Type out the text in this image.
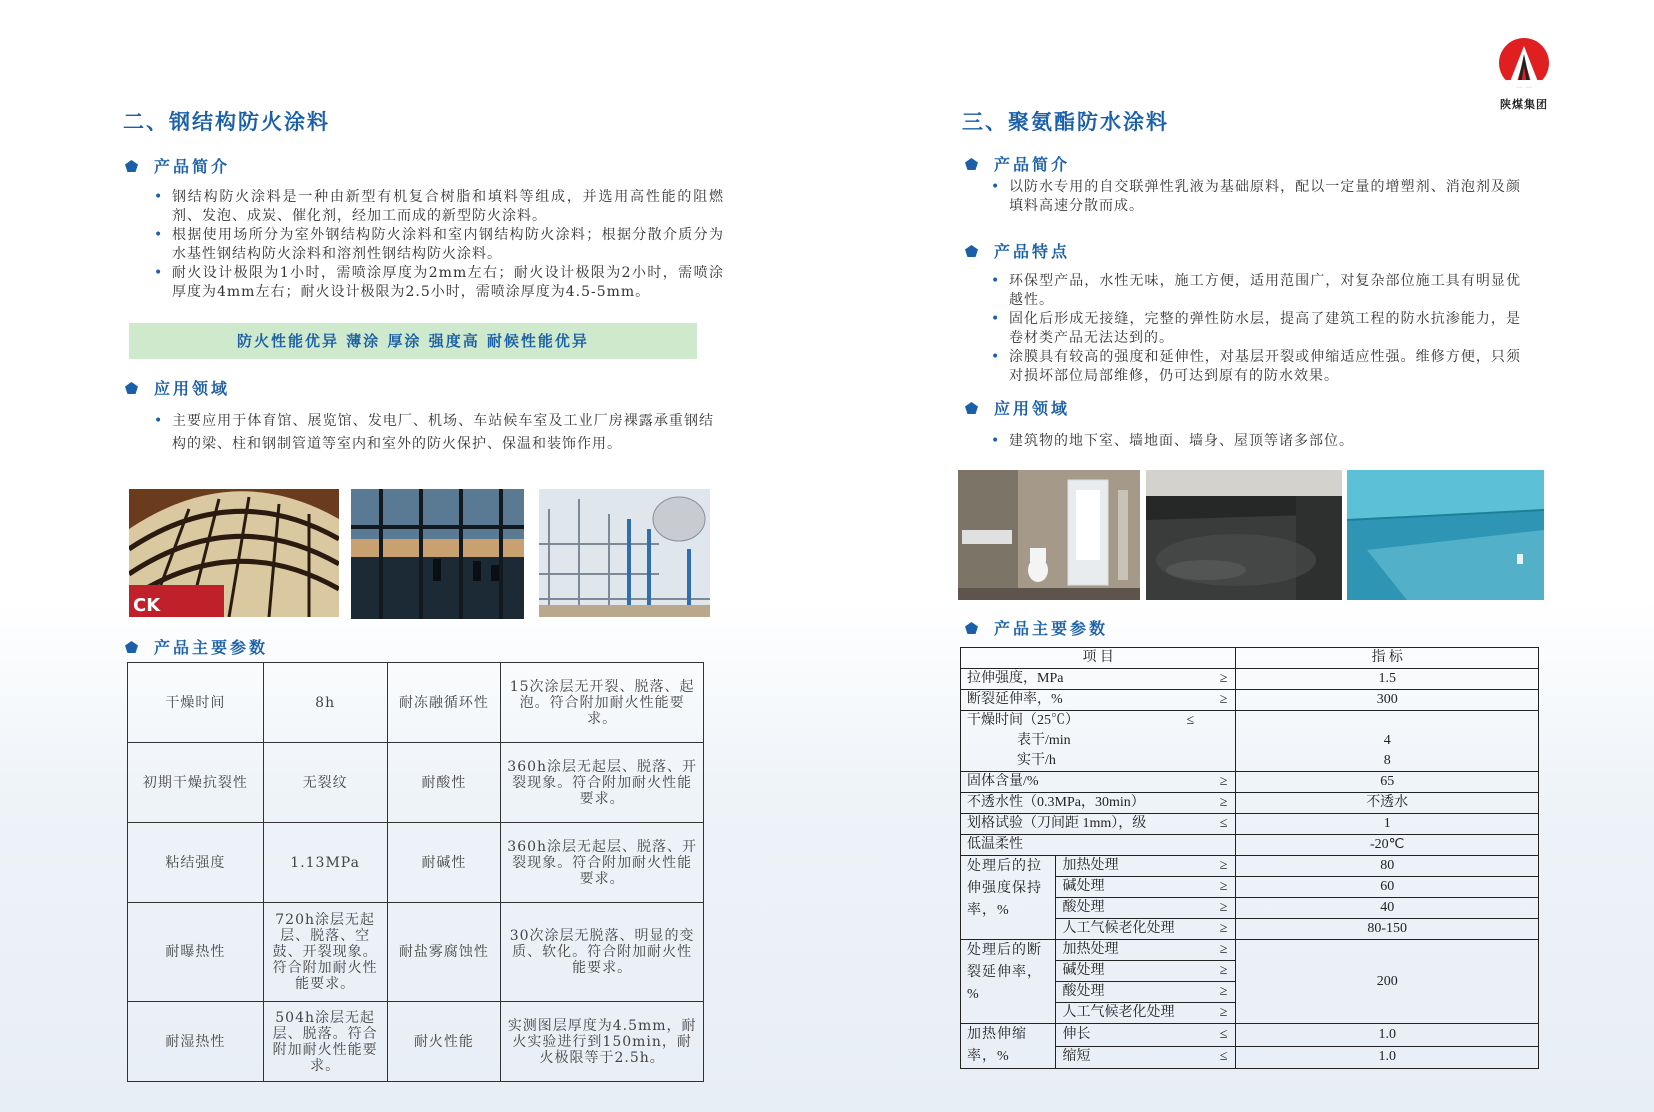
陕煤集团
二、钢结构防火涂料
产品简介
• 钢结构防火涂料是一种由新型有机复合树脂和填料等组成，并选用高性能的阻燃剂、发泡、成炭、催化剂，经加工而成的新型防火涂料。
• 根据使用场所分为室外钢结构防火涂料和室内钢结构防火涂料；根据分散介质分为水基性钢结构防火涂料和溶剂性钢结构防火涂料。
• 耐火设计极限为1小时，需喷涂厚度为2mm左右；耐火设计极限为2小时，需喷涂厚度为4mm左右；耐火设计极限为2.5小时，需喷涂厚度为4.5-5mm。
防火性能优异 薄涂 厚涂 强度高 耐候性能优异
应用领域
• 主要应用于体育馆、展览馆、发电厂、机场、车站候车室及工业厂房裸露承重钢结构的梁、柱和钢制管道等室内和室外的防火保护、保温和装饰作用。
CK
产品主要参数
干燥时间	8h	耐冻融循环性	15次涂层无开裂、脱落、起泡。符合附加耐火性能要求。
初期干燥抗裂性	无裂纹	耐酸性	360h涂层无起层、脱落、开裂现象。符合附加耐火性能要求。
粘结强度	1.13MPa	耐碱性	360h涂层无起层、脱落、开裂现象。符合附加耐火性能要求。
耐曝热性	720h涂层无起层、脱落、空鼓、开裂现象。符合附加耐火性能要求。	耐盐雾腐蚀性	30次涂层无脱落、明显的变质、软化。符合附加耐火性能要求。
耐湿热性	504h涂层无起层、脱落。符合附加耐火性能要求。	耐火性能	实测图层厚度为4.5mm，耐火实验进行到150min，耐火极限等于2.5h。
三、聚氨酯防水涂料
产品简介
• 以防水专用的自交联弹性乳液为基础原料，配以一定量的增塑剂、消泡剂及颜填料高速分散而成。
产品特点
• 环保型产品，水性无味，施工方便，适用范围广，对复杂部位施工具有明显优越性。
• 固化后形成无接缝，完整的弹性防水层，提高了建筑工程的防水抗渗能力，是卷材类产品无法达到的。
• 涂膜具有较高的强度和延伸性，对基层开裂或伸缩适应性强。维修方便，只须对损坏部位局部维修，仍可达到原有的防水效果。
应用领域
• 建筑物的地下室、墙地面、墙身、屋顶等诸多部位。
产品主要参数
项 目			指 标
拉伸强度，MPa		≥	1.5
断裂延伸率，%		≥	300
干燥时间（25℃）		≤	
表干/min			4
实干/h			8
固体含量/%		≥	65
不透水性（0.3MPa，30min）		≥	不透水
划格试验（刀间距 1mm），级		≤	1
低温柔性			-20℃
处理后的拉伸强度保持率，%	加热处理	≥	80
	碱处理	≥	60
	酸处理	≥	40
	人工气候老化处理	≥	80-150
处理后的断裂延伸率，%	加热处理	≥	200
	碱处理	≥	
	酸处理	≥	
	人工气候老化处理	≥	
加热伸缩率，%	伸长	≤	1.0
	缩短	≤	1.0
